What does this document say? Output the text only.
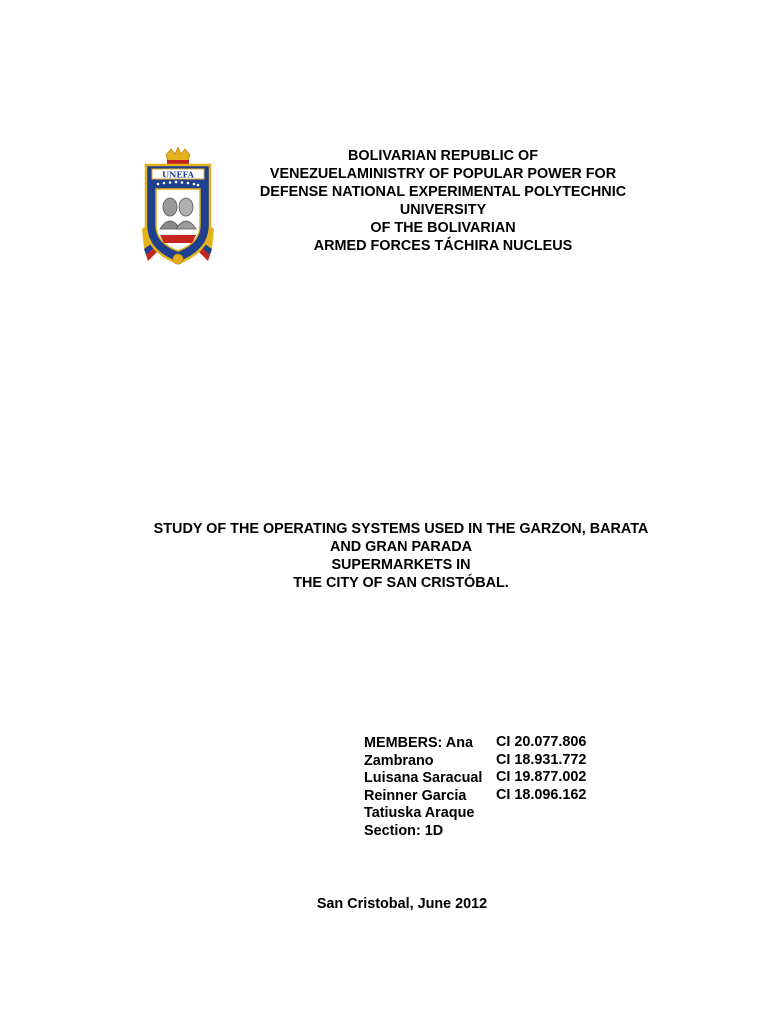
UNEFA
BOLIVARIAN REPUBLIC OF
VENEZUELAMINISTRY OF POPULAR POWER FOR
DEFENSE NATIONAL EXPERIMENTAL POLYTECHNIC
UNIVERSITY
OF THE BOLIVARIAN
ARMED FORCES TÁCHIRA NUCLEUS
STUDY OF THE OPERATING SYSTEMS USED IN THE GARZON, BARATA
AND GRAN PARADA
SUPERMARKETS IN
THE CITY OF SAN CRISTÓBAL.
MEMBERS: Ana
Zambrano
Luisana Saracual
Reinner Garcia
Tatiuska Araque
Section: 1D
CI 20.077.806
CI 18.931.772
CI 19.877.002
CI 18.096.162
San Cristobal, June 2012
